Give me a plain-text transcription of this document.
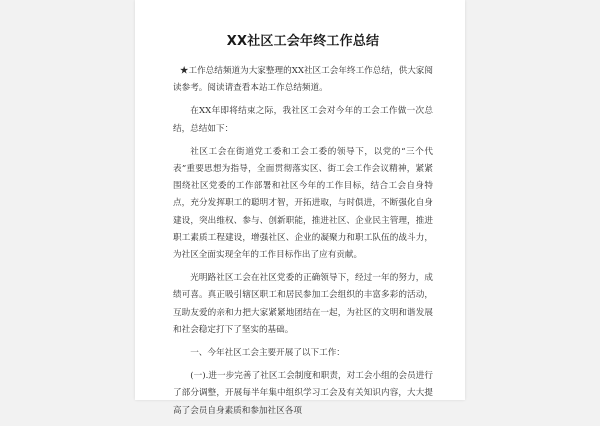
XX社区工会年终工作总结

★工作总结频道为大家整理的XX社区工会年终工作总结，供大家阅读参考。阅读请查看本站工作总结频道。

在XX年即将结束之际，我社区工会对今年的工会工作做一次总结，总结如下：

社区工会在街道党工委和工会工委的领导下，以党的“三个代表”重要思想为指导，全面贯彻落实区、街工会工作会议精神，紧紧围绕社区党委的工作部署和社区今年的工作目标，结合工会自身特点，充分发挥职工的聪明才智，开拓进取，与时俱进，不断强化自身建设，突出维权、参与、创新职能，推进社区、企业民主管理，推进职工素质工程建设，增强社区、企业的凝聚力和职工队伍的战斗力，为社区全面实现全年的工作目标作出了应有贡献。

光明路社区工会在社区党委的正确领导下，经过一年的努力，成绩可喜。真正吸引辖区职工和居民参加工会组织的丰富多彩的活动，互助友爱的亲和力把大家紧紧地团结在一起，为社区的文明和谐发展和社会稳定打下了坚实的基础。

一、今年社区工会主要开展了以下工作：

(一).进一步完善了社区工会制度和职责，对工会小组的会员进行了部分调整，开展每半年集中组织学习工会及有关知识内容，大大提高了会员自身素质和参加社区各项
